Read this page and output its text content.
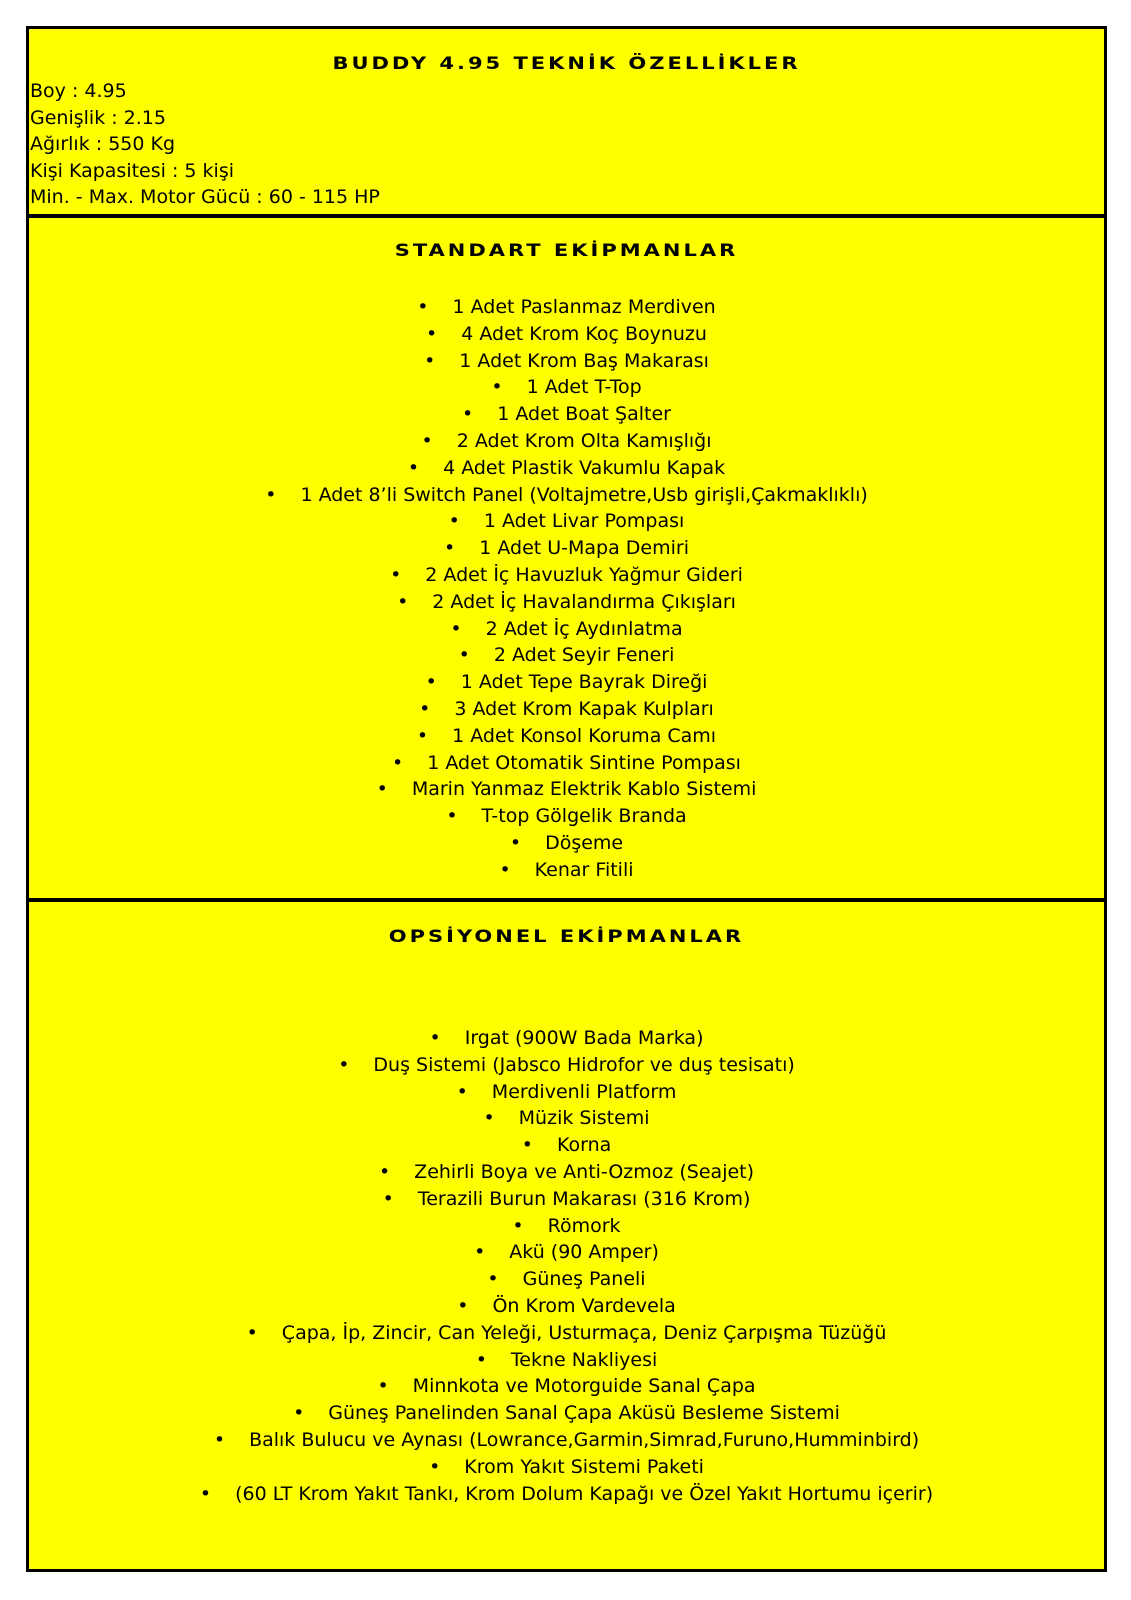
BUDDY 4.95 TEKNİK ÖZELLİKLER
Boy : 4.95
Genişlik : 2.15
Ağırlık : 550 Kg
Kişi Kapasitesi : 5 kişi
Min. - Max. Motor Gücü : 60 - 115 HP
STANDART EKİPMANLAR
• 1 Adet Paslanmaz Merdiven
• 4 Adet Krom Koç Boynuzu
• 1 Adet Krom Baş Makarası
• 1 Adet T-Top
• 1 Adet Boat Şalter
• 2 Adet Krom Olta Kamışlığı
• 4 Adet Plastik Vakumlu Kapak
• 1 Adet 8’li Switch Panel (Voltajmetre,Usb girişli,Çakmaklıklı)
• 1 Adet Livar Pompası
• 1 Adet U-Mapa Demiri
• 2 Adet İç Havuzluk Yağmur Gideri
• 2 Adet İç Havalandırma Çıkışları
• 2 Adet İç Aydınlatma
• 2 Adet Seyir Feneri
• 1 Adet Tepe Bayrak Direği
• 3 Adet Krom Kapak Kulpları
• 1 Adet Konsol Koruma Camı
• 1 Adet Otomatik Sintine Pompası
• Marin Yanmaz Elektrik Kablo Sistemi
• T-top Gölgelik Branda
• Döşeme
• Kenar Fitili
OPSİYONEL EKİPMANLAR
• Irgat (900W Bada Marka)
• Duş Sistemi (Jabsco Hidrofor ve duş tesisatı)
• Merdivenli Platform
• Müzik Sistemi
• Korna
• Zehirli Boya ve Anti-Ozmoz (Seajet)
• Terazili Burun Makarası (316 Krom)
• Römork
• Akü (90 Amper)
• Güneş Paneli
• Ön Krom Vardevela
• Çapa, İp, Zincir, Can Yeleği, Usturmaça, Deniz Çarpışma Tüzüğü
• Tekne Nakliyesi
• Minnkota ve Motorguide Sanal Çapa
• Güneş Panelinden Sanal Çapa Aküsü Besleme Sistemi
• Balık Bulucu ve Aynası (Lowrance,Garmin,Simrad,Furuno,Humminbird)
• Krom Yakıt Sistemi Paketi
• (60 LT Krom Yakıt Tankı, Krom Dolum Kapağı ve Özel Yakıt Hortumu içerir)
